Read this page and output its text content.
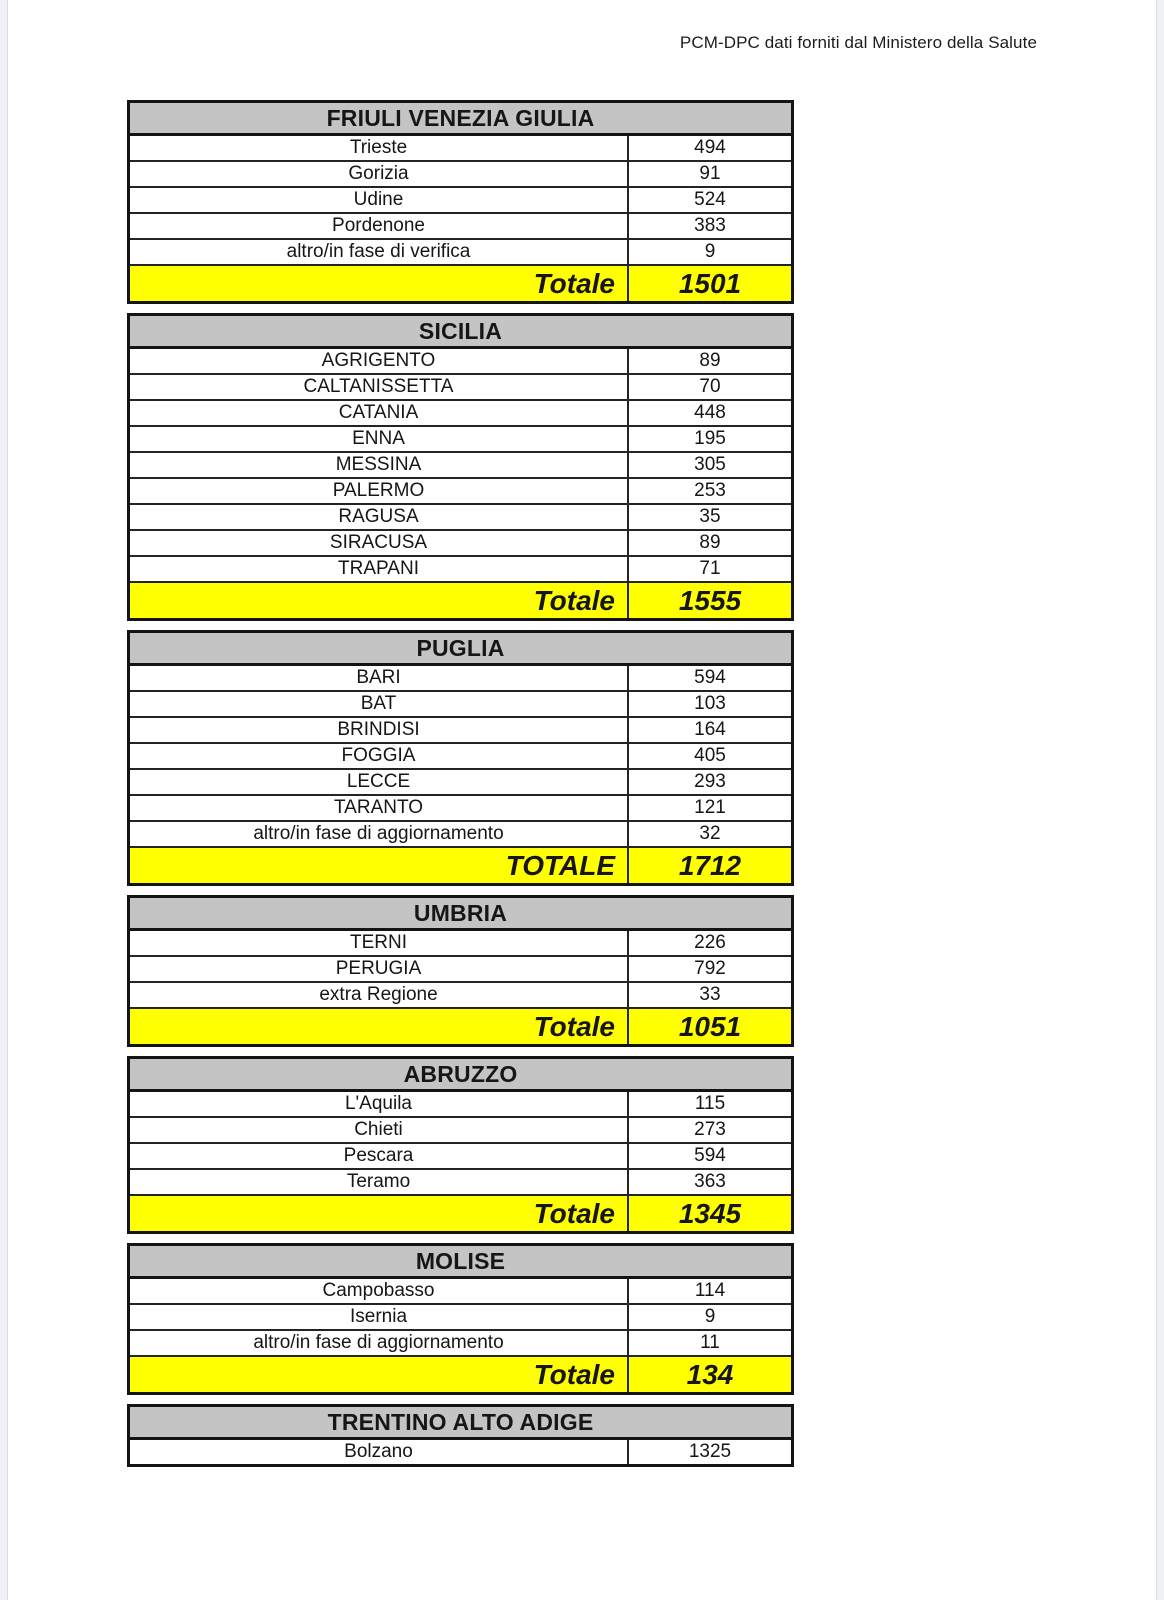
PCM-DPC dati forniti dal Ministero della Salute
FRIULI VENEZIA GIULIA
Trieste	494
Gorizia	91
Udine	524
Pordenone	383
altro/in fase di verifica	9
Totale	1501
SICILIA
AGRIGENTO	89
CALTANISSETTA	70
CATANIA	448
ENNA	195
MESSINA	305
PALERMO	253
RAGUSA	35
SIRACUSA	89
TRAPANI	71
Totale	1555
PUGLIA
BARI	594
BAT	103
BRINDISI	164
FOGGIA	405
LECCE	293
TARANTO	121
altro/in fase di aggiornamento	32
TOTALE	1712
UMBRIA
TERNI	226
PERUGIA	792
extra Regione	33
Totale	1051
ABRUZZO
L'Aquila	115
Chieti	273
Pescara	594
Teramo	363
Totale	1345
MOLISE
Campobasso	114
Isernia	9
altro/in fase di aggiornamento	11
Totale	134
TRENTINO ALTO ADIGE
Bolzano	1325
